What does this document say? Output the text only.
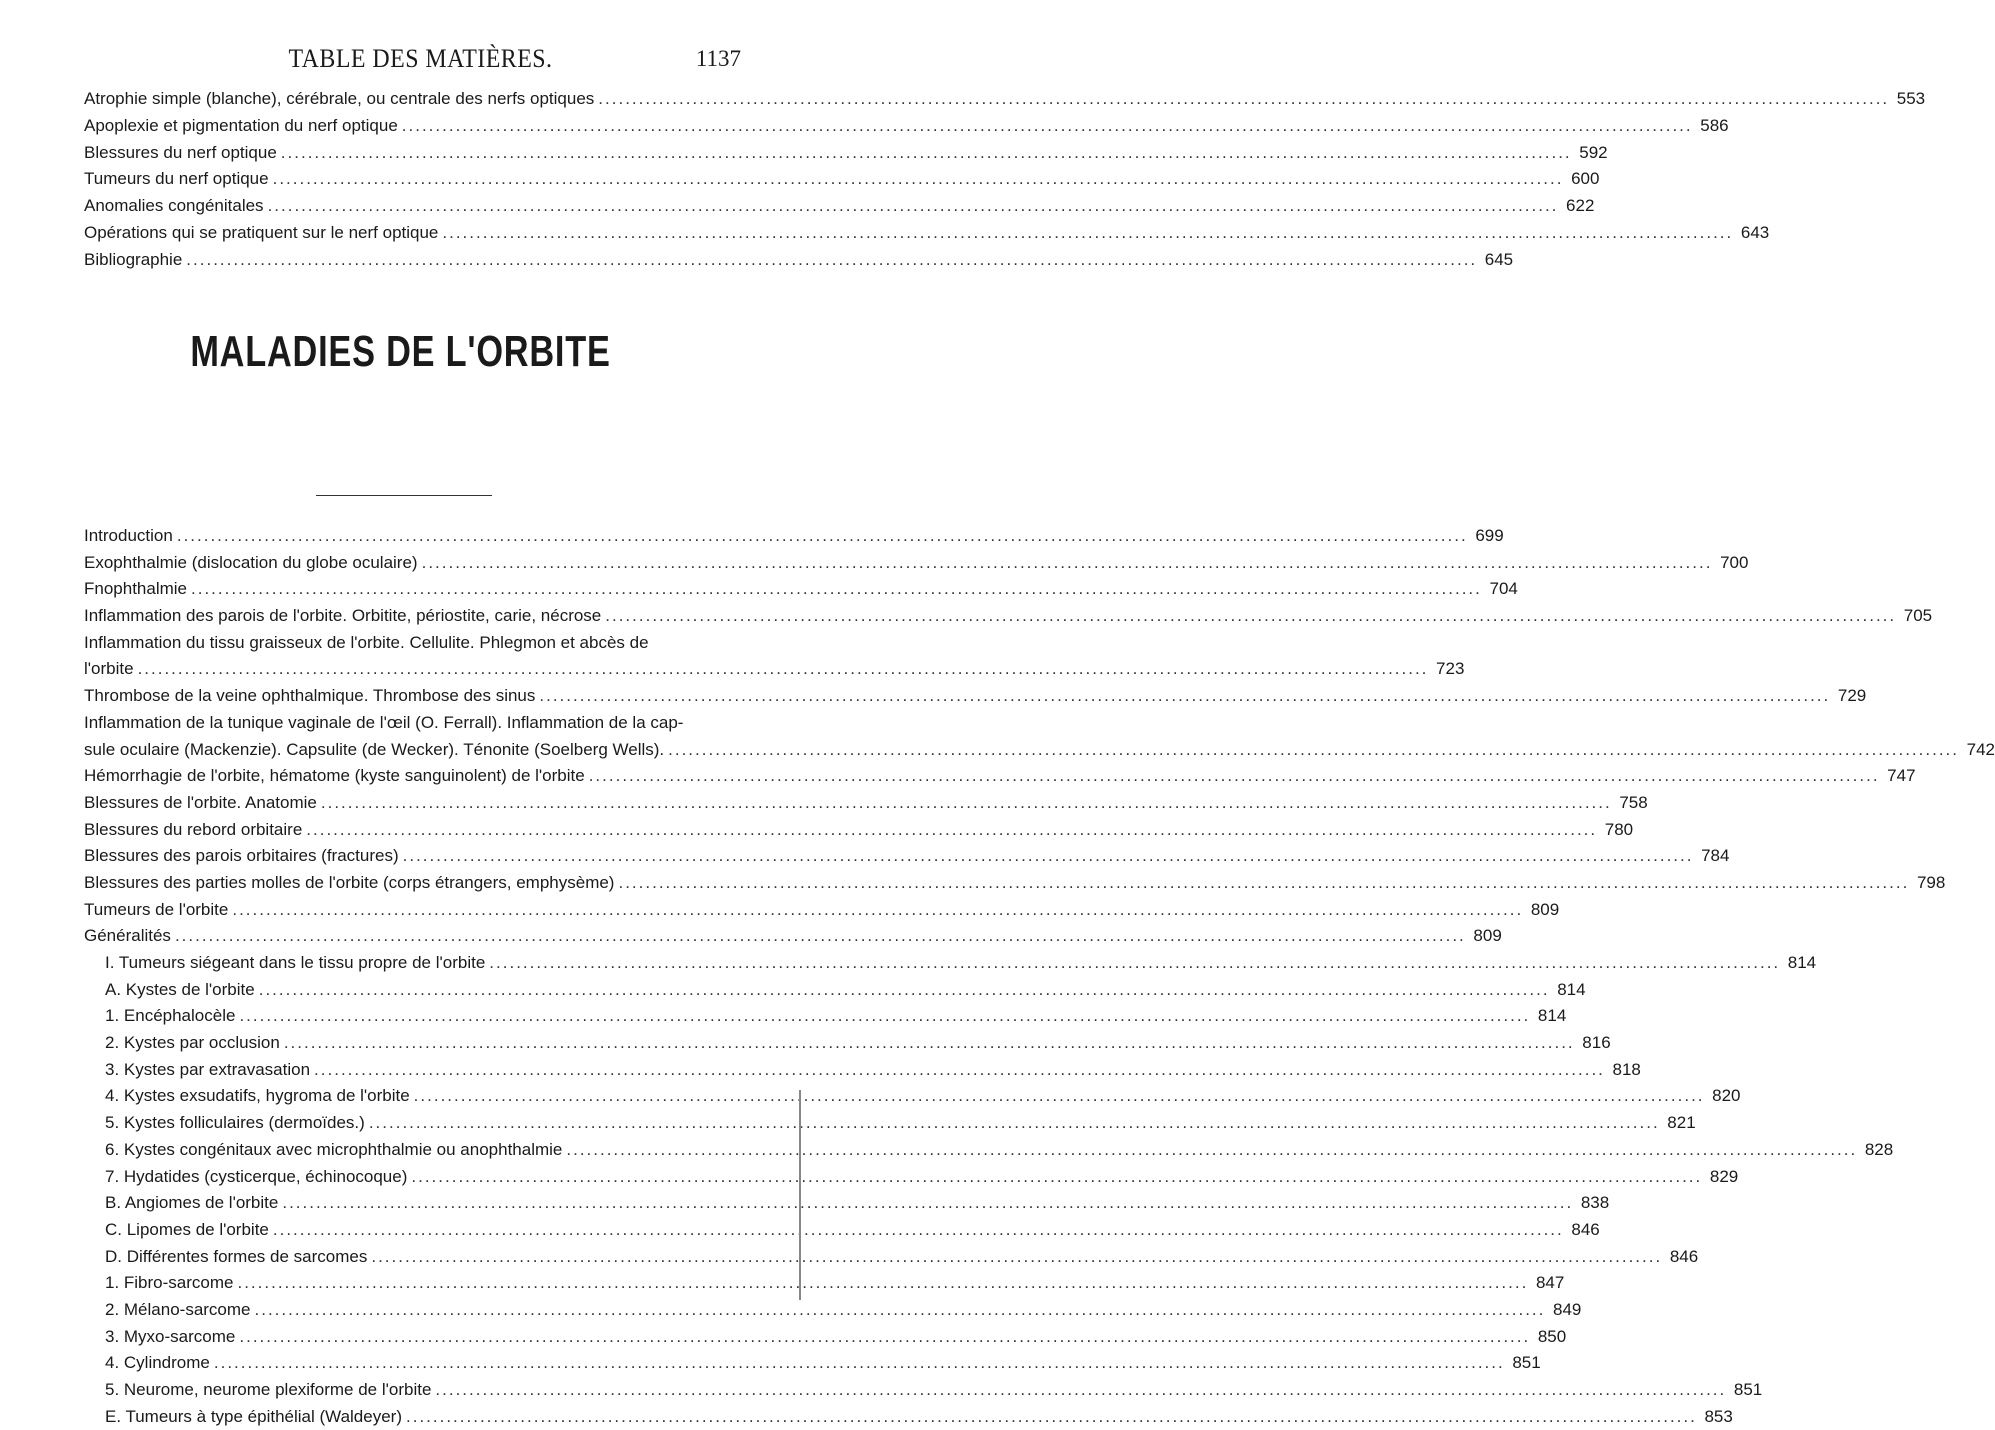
TABLE DES MATIÈRES.	1137
Atrophie simple (blanche), cérébrale, ou centrale des nerfs optiques .....	553
Apoplexie et pigmentation du nerf optique .....	586
Blessures du nerf optique .....	592
Tumeurs du nerf optique .....	600
Anomalies congénitales .....	622
Opérations qui se pratiquent sur le nerf optique .....	643
Bibliographie .....	645
MALADIES DE L'ORBITE
Introduction .....	699
Exophthalmie (dislocation du globe oculaire) .....	700
Fnophthalmie .....	704
Inflammation des parois de l'orbite. Orbitite, périostite, carie, nécrose .....	705
Inflammation du tissu graisseux de l'orbite. Cellulite. Phlegmon et abcès de
l'orbite .....	723
Thrombose de la veine ophthalmique. Thrombose des sinus .....	729
Inflammation de la tunique vaginale de l'œil (O. Ferrall). Inflammation de la cap-
sule oculaire (Mackenzie). Capsulite (de Wecker). Ténonite (Soelberg Wells). .....	742
Hémorrhagie de l'orbite, hématome (kyste sanguinolent) de l'orbite .....	747
Blessures de l'orbite. Anatomie .....	758
Blessures du rebord orbitaire .....	780
Blessures des parois orbitaires (fractures) .....	784
Blessures des parties molles de l'orbite (corps étrangers, emphysème) .....	798
Tumeurs de l'orbite .....	809
Généralités .....	809
I. Tumeurs siégeant dans le tissu propre de l'orbite .....	814
A. Kystes de l'orbite .....	814
1. Encéphalocèle .....	814
2. Kystes par occlusion .....	816
3. Kystes par extravasation .....	818
4. Kystes exsudatifs, hygroma de l'orbite .....	820
5. Kystes folliculaires (dermoïdes.) .....	821
6. Kystes congénitaux avec microphthalmie ou anophthalmie .....	828
7. Hydatides (cysticerque, échinocoque) .....	829
B. Angiomes de l'orbite .....	838
C. Lipomes de l'orbite .....	846
D. Différentes formes de sarcomes .....	846
1. Fibro-sarcome .....	847
2. Mélano-sarcome .....	849
3. Myxo-sarcome .....	850
4. Cylindrome .....	851
5. Neurome, neurome plexiforme de l'orbite .....	851
E. Tumeurs à type épithélial (Waldeyer) .....	853
